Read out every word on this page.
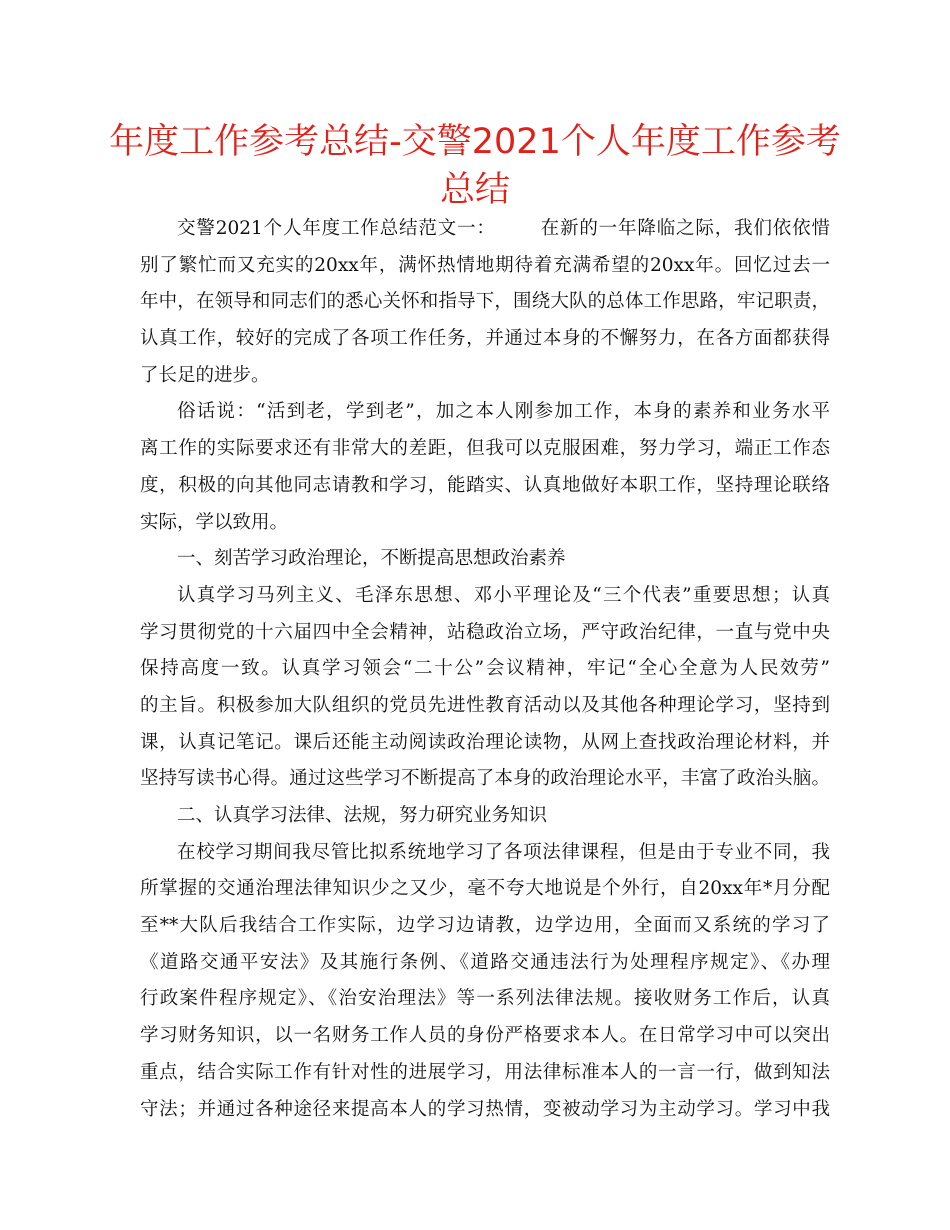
年度工作参考总结-交警2021个人年度工作参考
总结
交警2021个人年度工作总结范文一： 在新的一年降临之际，我们依依惜
别了繁忙而又充实的20xx年，满怀热情地期待着充满希望的20xx年。回忆过去一
年中，在领导和同志们的悉心关怀和指导下，围绕大队的总体工作思路，牢记职责，
认真工作，较好的完成了各项工作任务，并通过本身的不懈努力，在各方面都获得
了长足的进步。
俗话说：“活到老，学到老”，加之本人刚参加工作，本身的素养和业务水平
离工作的实际要求还有非常大的差距，但我可以克服困难，努力学习，端正工作态
度，积极的向其他同志请教和学习，能踏实、认真地做好本职工作，坚持理论联络
实际，学以致用。
一、刻苦学习政治理论，不断提高思想政治素养
认真学习马列主义、毛泽东思想、邓小平理论及“三个代表”重要思想；认真
学习贯彻党的十六届四中全会精神，站稳政治立场，严守政治纪律，一直与党中央
保持高度一致。认真学习领会“二十公”会议精神，牢记“全心全意为人民效劳”
的主旨。积极参加大队组织的党员先进性教育活动以及其他各种理论学习，坚持到
课，认真记笔记。课后还能主动阅读政治理论读物，从网上查找政治理论材料，并
坚持写读书心得。通过这些学习不断提高了本身的政治理论水平，丰富了政治头脑。
二、认真学习法律、法规，努力研究业务知识
在校学习期间我尽管比拟系统地学习了各项法律课程，但是由于专业不同，我
所掌握的交通治理法律知识少之又少，毫不夸大地说是个外行，自20xx年*月分配
至**大队后我结合工作实际，边学习边请教，边学边用，全面而又系统的学习了
《道路交通平安法》及其施行条例、《道路交通违法行为处理程序规定》、《办理
行政案件程序规定》、《治安治理法》等一系列法律法规。接收财务工作后，认真
学习财务知识，以一名财务工作人员的身份严格要求本人。在日常学习中可以突出
重点，结合实际工作有针对性的进展学习，用法律标准本人的一言一行，做到知法
守法；并通过各种途径来提高本人的学习热情，变被动学习为主动学习。学习中我
